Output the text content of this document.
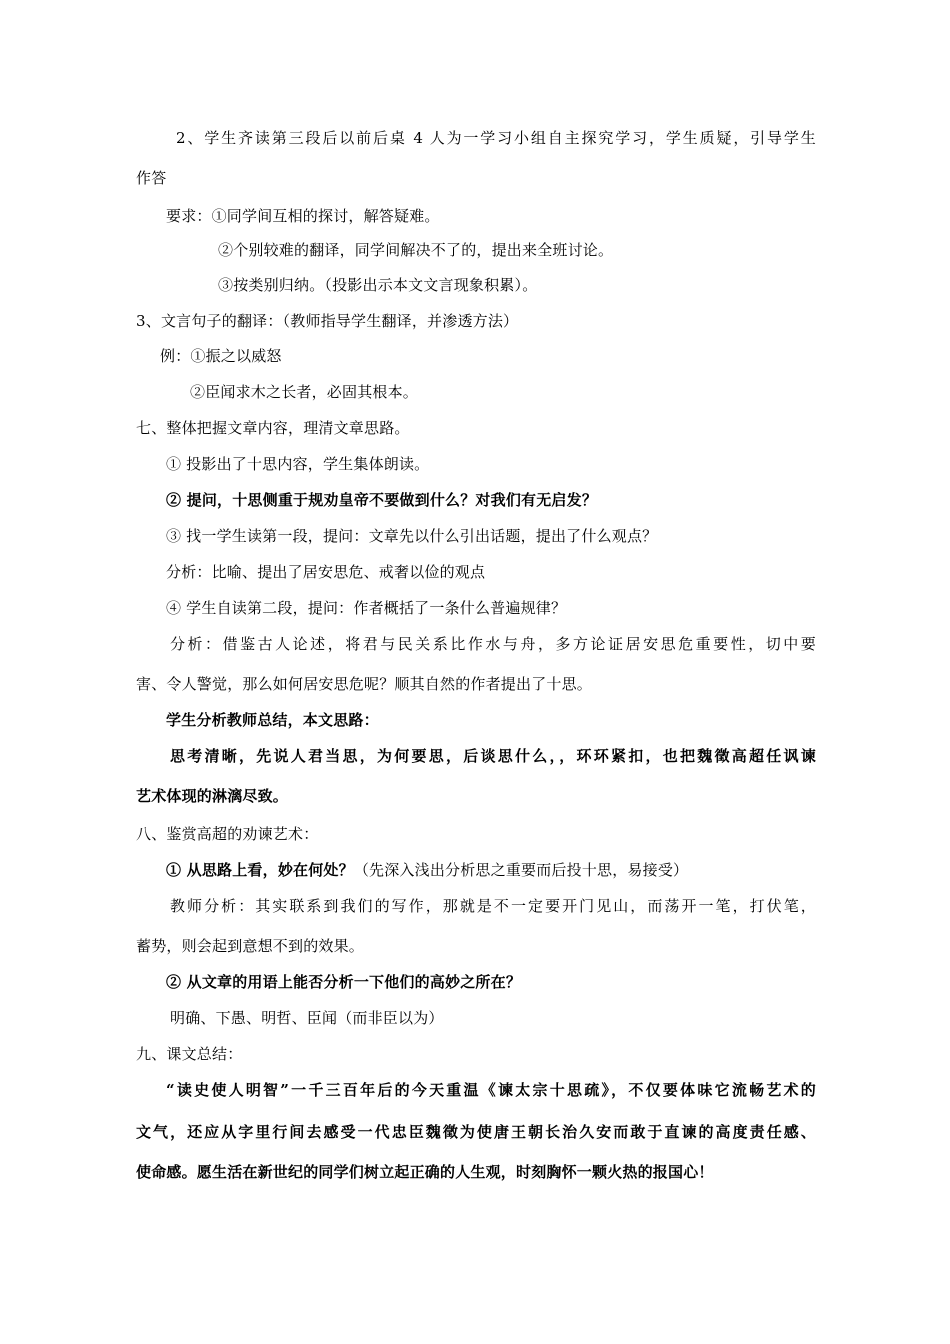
2、学生齐读第三段后以前后桌 4 人为一学习小组自主探究学习，学生质疑，引导学生
作答
要求：①同学间互相的探讨，解答疑难。
②个别较难的翻译，同学间解决不了的，提出来全班讨论。
③按类别归纳。（投影出示本文文言现象积累）。
3、文言句子的翻译：（教师指导学生翻译，并渗透方法）
例：①振之以威怒
②臣闻求木之长者，必固其根本。
七、整体把握文章内容，理清文章思路。
① 投影出了十思内容，学生集体朗读。
② 提问，十思侧重于规劝皇帝不要做到什么？对我们有无启发？
③ 找一学生读第一段，提问：文章先以什么引出话题，提出了什么观点？
分析：比喻、提出了居安思危、戒奢以俭的观点
④ 学生自读第二段，提问：作者概括了一条什么普遍规律？
分析：借鉴古人论述，将君与民关系比作水与舟，多方论证居安思危重要性，切中要
害、令人警觉，那么如何居安思危呢？顺其自然的作者提出了十思。
学生分析教师总结，本文思路：
思考清晰，先说人君当思，为何要思，后谈思什么，，环环紧扣，也把魏徵高超任讽谏
艺术体现的淋漓尽致。
八、鉴赏高超的劝谏艺术：
① 从思路上看，妙在何处？（先深入浅出分析思之重要而后投十思，易接受）
教师分析：其实联系到我们的写作，那就是不一定要开门见山，而荡开一笔，打伏笔，
蓄势，则会起到意想不到的效果。
② 从文章的用语上能否分析一下他们的高妙之所在？
明确、下愚、明哲、臣闻（而非臣以为）
九、课文总结：
“读史使人明智”一千三百年后的今天重温《谏太宗十思疏》，不仅要体味它流畅艺术的
文气，还应从字里行间去感受一代忠臣魏徵为使唐王朝长治久安而敢于直谏的高度责任感、
使命感。愿生活在新世纪的同学们树立起正确的人生观，时刻胸怀一颗火热的报国心！
